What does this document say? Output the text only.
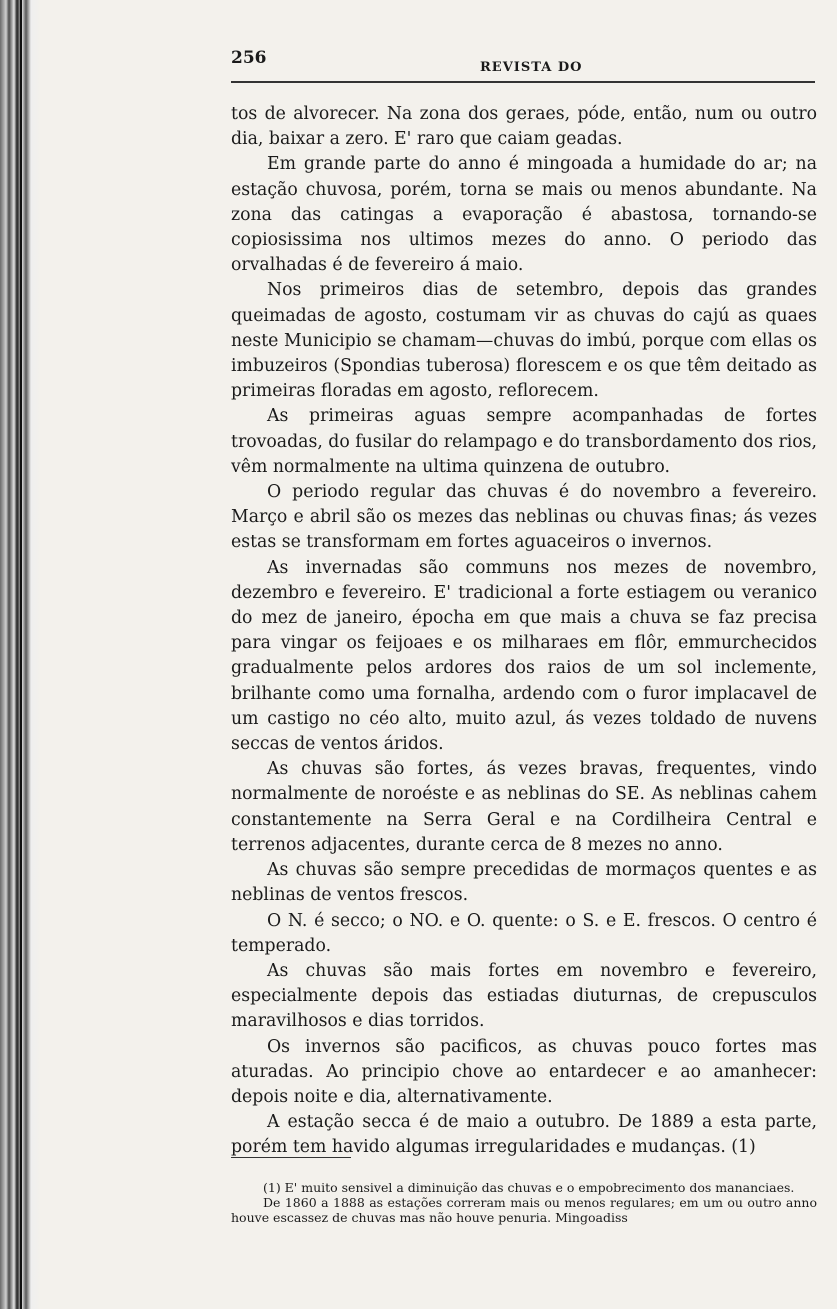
256	REVISTA DO

tos de alvorecer. Na zona dos geraes, póde, então, num ou outro dia, baixar a zero. E' raro que caiam geadas.

Em grande parte do anno é mingoada a humidade do ar; na estação chuvosa, porém, torna se mais ou menos abundante. Na zona das catingas a evaporação é abastosa, tornando-se copiosissima nos ultimos mezes do anno. O periodo das orvalhadas é de fevereiro á maio.

Nos primeiros dias de setembro, depois das grandes queimadas de agosto, costumam vir as chuvas do cajú as quaes neste Municipio se chamam—chuvas do imbú, porque com ellas os imbuzeiros (Spondias tuberosa) florescem e os que têm deitado as primeiras floradas em agosto, reflorecem.

As primeiras aguas sempre acompanhadas de fortes trovoadas, do fusilar do relampago e do transbordamento dos rios, vêm normalmente na ultima quinzena de outubro.

O periodo regular das chuvas é do novembro a fevereiro. Março e abril são os mezes das neblinas ou chuvas finas; ás vezes estas se transformam em fortes aguaceiros o invernos.

As invernadas são communs nos mezes de novembro, dezembro e fevereiro. E' tradicional a forte estiagem ou veranico do mez de janeiro, épocha em que mais a chuva se faz precisa para vingar os feijoaes e os milharaes em flôr, emmurchecidos gradualmente pelos ardores dos raios de um sol inclemente, brilhante como uma fornalha, ardendo com o furor implacavel de um castigo no céo alto, muito azul, ás vezes toldado de nuvens seccas de ventos áridos.

As chuvas são fortes, ás vezes bravas, frequentes, vindo normalmente de noroéste e as neblinas do SE. As neblinas cahem constantemente na Serra Geral e na Cordilheira Central e terrenos adjacentes, durante cerca de 8 mezes no anno.

As chuvas são sempre precedidas de mormaços quentes e as neblinas de ventos frescos.

O N. é secco; o NO. e O. quente: o S. e E. frescos. O centro é temperado.

As chuvas são mais fortes em novembro e fevereiro, especialmente depois das estiadas diuturnas, de crepusculos maravilhosos e dias torridos.

Os invernos são pacificos, as chuvas pouco fortes mas aturadas. Ao principio chove ao entardecer e ao amanhecer: depois noite e dia, alternativamente.

A estação secca é de maio a outubro. De 1889 a esta parte, porém tem havido algumas irregularidades e mudanças. (1)

(1) E' muito sensivel a diminuição das chuvas e o empobrecimento dos mananciaes.

De 1860 a 1888 as estações correram mais ou menos regulares; em um ou outro anno houve escassez de chuvas mas não houve penuria. Mingoadiss
